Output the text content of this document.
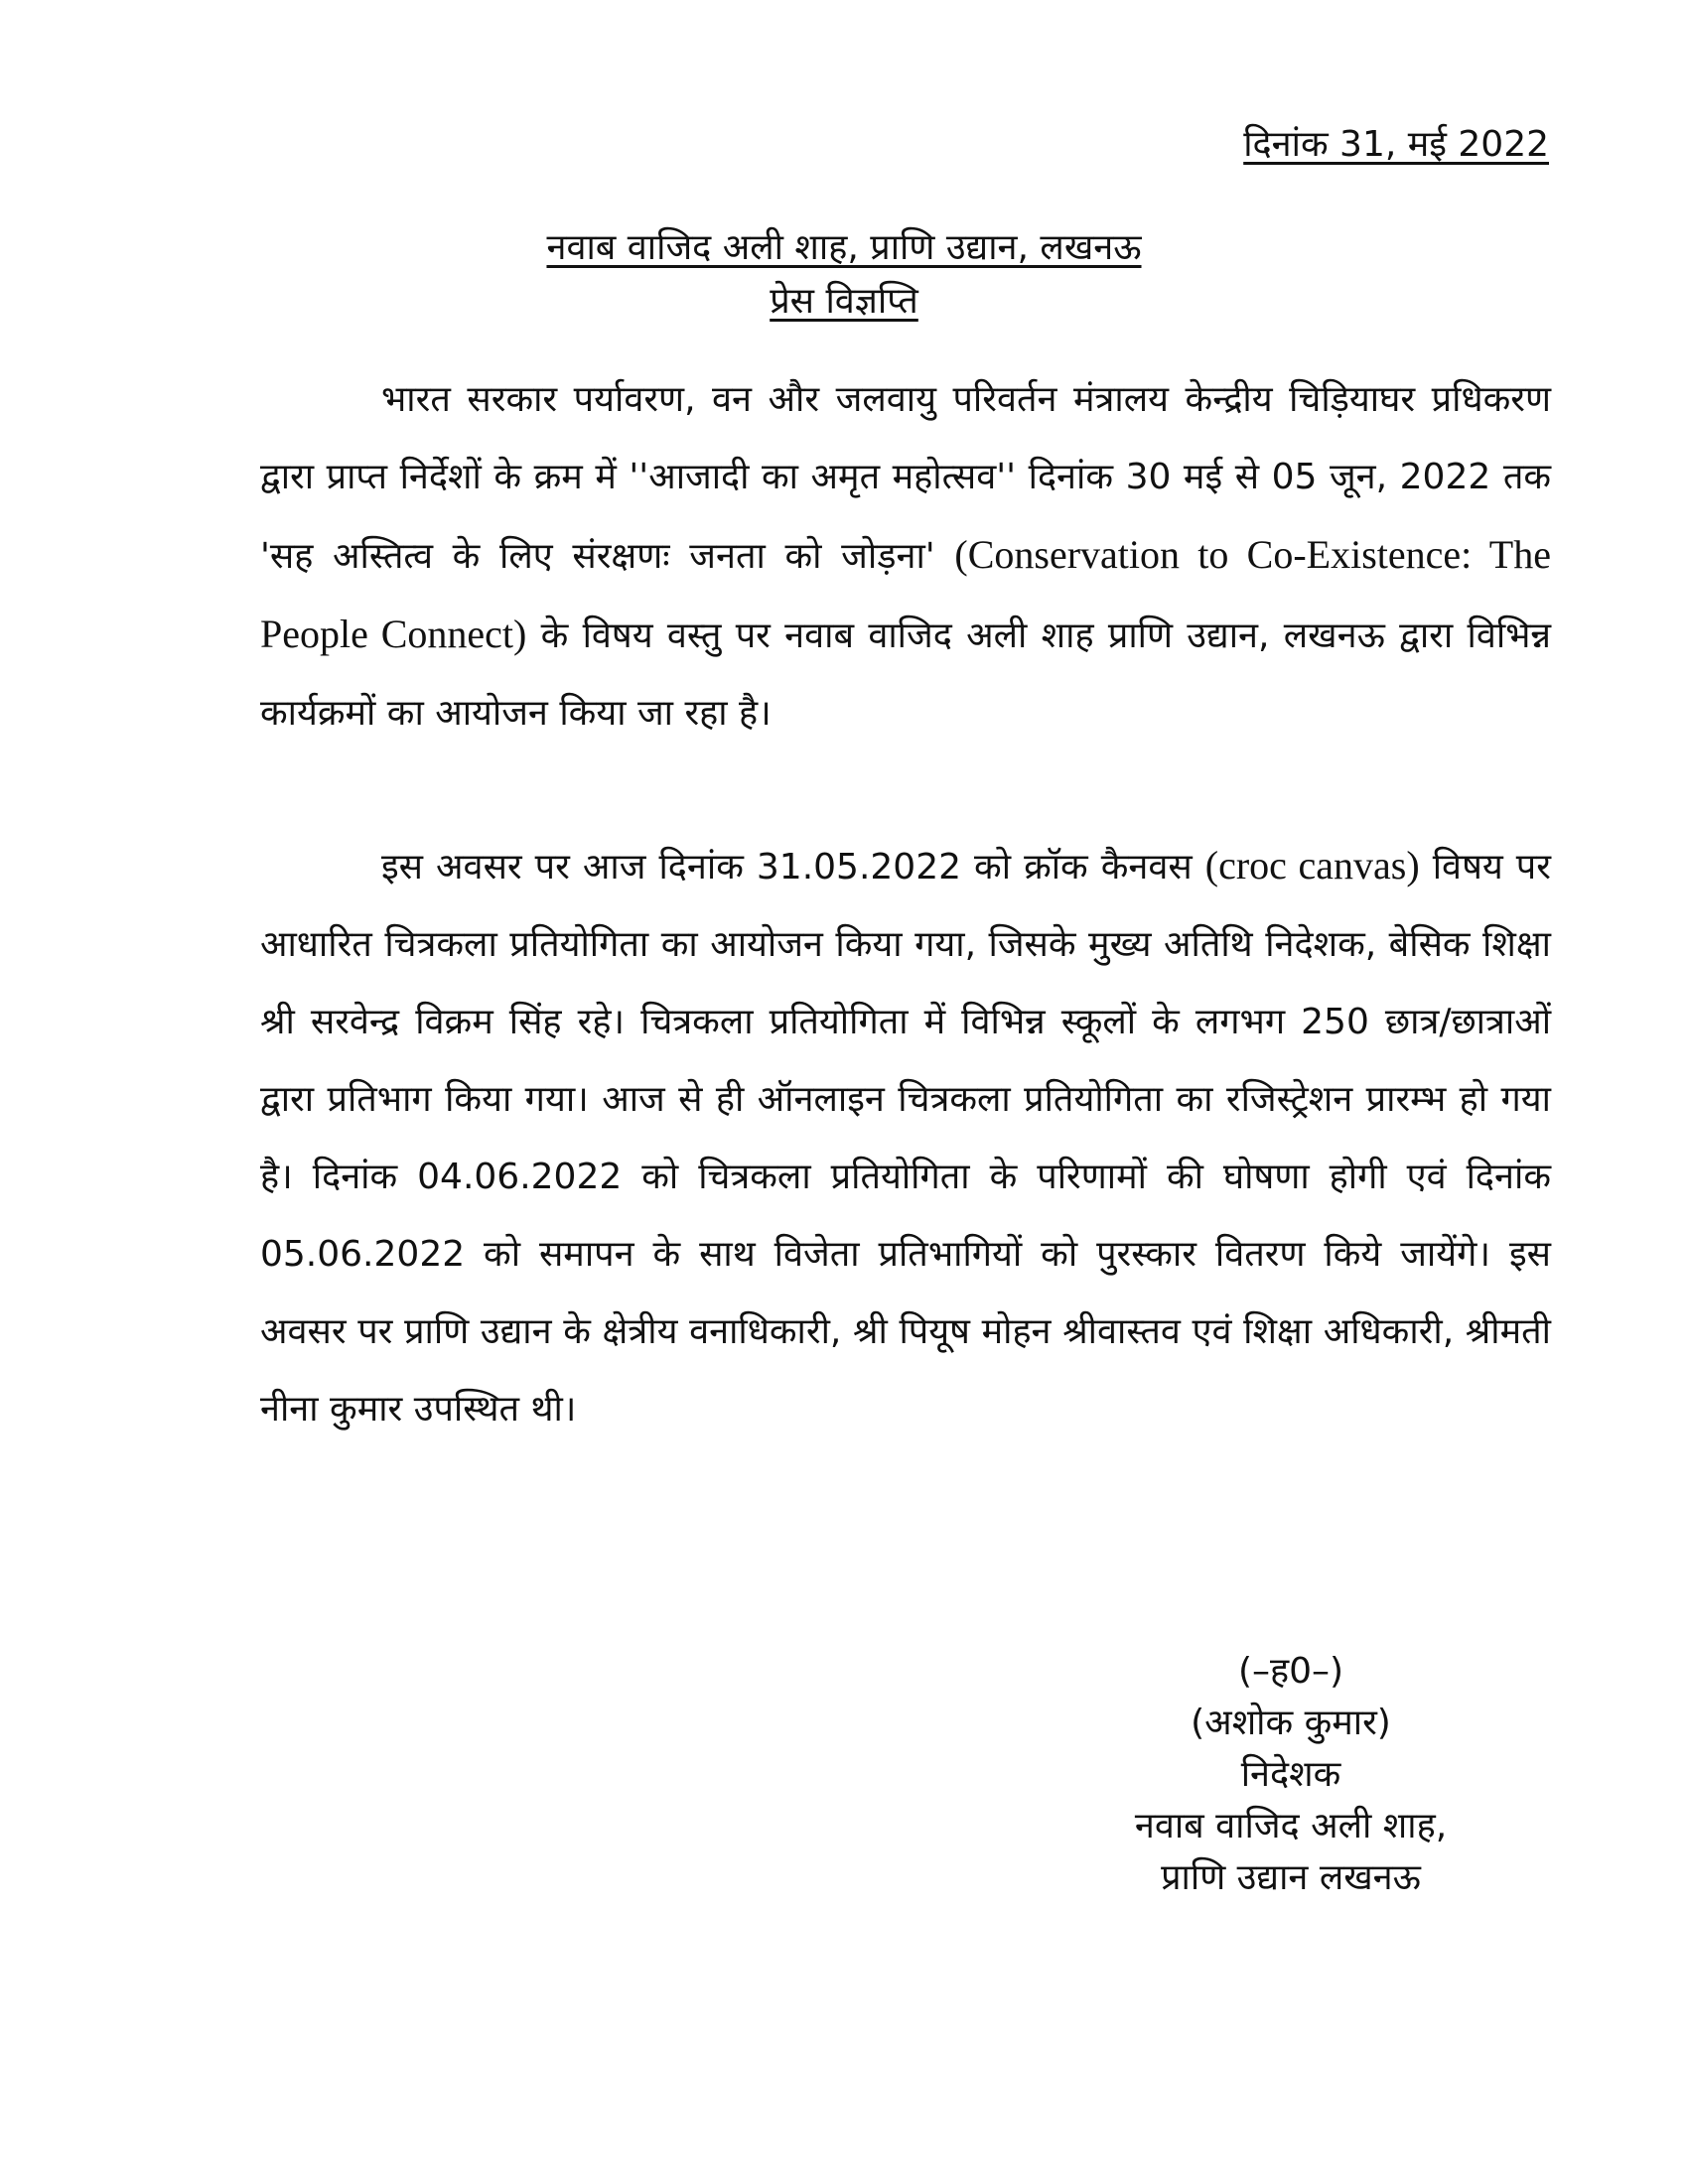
दिनांक 31, मई 2022
नवाब वाजिद अली शाह, प्राणि उद्यान, लखनऊ
प्रेस विज्ञप्ति
भारत सरकार पर्यावरण, वन और जलवायु परिवर्तन मंत्रालय केन्द्रीय चिड़ियाघर प्रधिकरण द्वारा प्राप्त निर्देशों के क्रम में ''आजादी का अमृत महोत्सव'' दिनांक 30 मई से 05 जून, 2022 तक 'सह अस्तित्व के लिए संरक्षणः जनता को जोड़ना' (Conservation to Co-Existence: The People Connect) के विषय वस्तु पर नवाब वाजिद अली शाह प्राणि उद्यान, लखनऊ द्वारा विभिन्न कार्यक्रमों का आयोजन किया जा रहा है।
इस अवसर पर आज दिनांक 31.05.2022 को क्रॉक कैनवस (croc canvas) विषय पर आधारित चित्रकला प्रतियोगिता का आयोजन किया गया, जिसके मुख्य अतिथि निदेशक, बेसिक शिक्षा श्री सरवेन्द्र विक्रम सिंह रहे। चित्रकला प्रतियोगिता में विभिन्न स्कूलों के लगभग 250 छात्र/छात्राओं द्वारा प्रतिभाग किया गया। आज से ही ऑनलाइन चित्रकला प्रतियोगिता का रजिस्ट्रेशन प्रारम्भ हो गया है। दिनांक 04.06.2022 को चित्रकला प्रतियोगिता के परिणामों की घोषणा होगी एवं दिनांक 05.06.2022 को समापन के साथ विजेता प्रतिभागियों को पुरस्कार वितरण किये जायेंगे। इस अवसर पर प्राणि उद्यान के क्षेत्रीय वनाधिकारी, श्री पियूष मोहन श्रीवास्तव एवं शिक्षा अधिकारी, श्रीमती नीना कुमार उपस्थित थी।
(–ह0–)
(अशोक कुमार)
निदेशक
नवाब वाजिद अली शाह,
प्राणि उद्यान लखनऊ
